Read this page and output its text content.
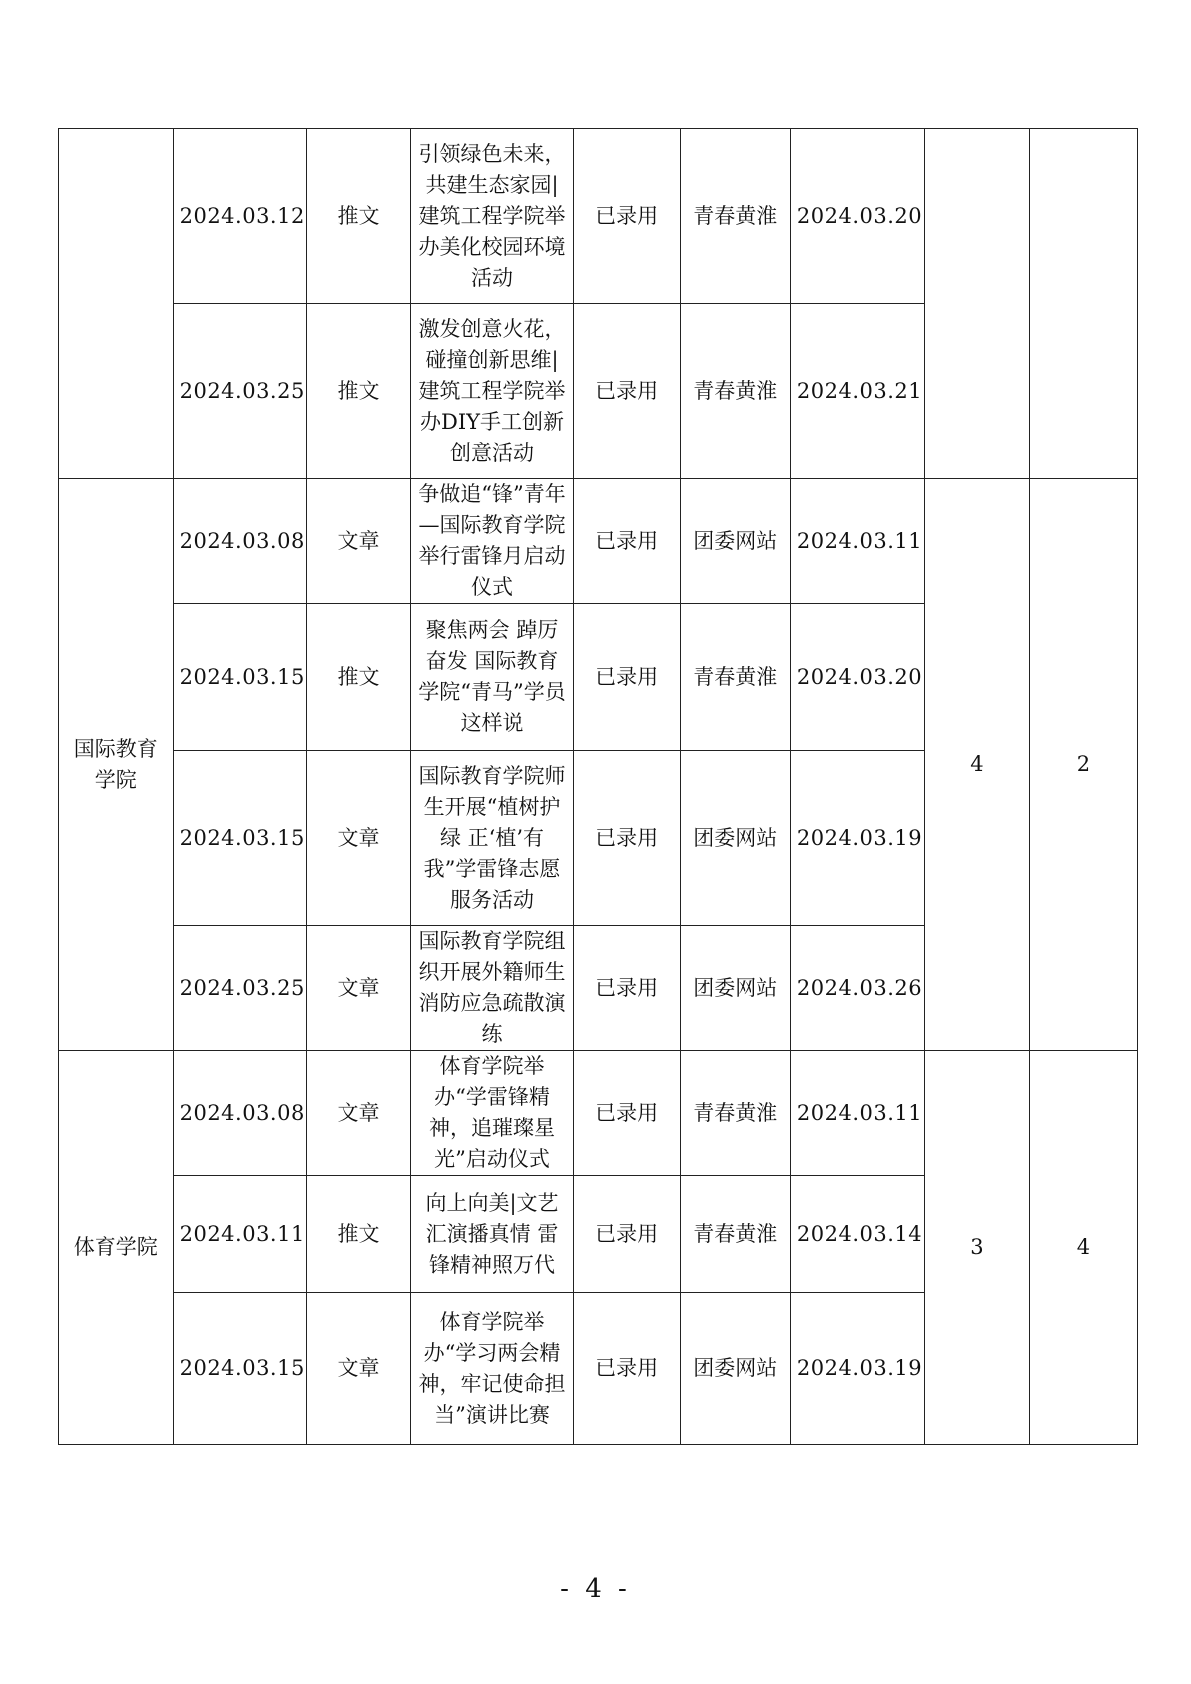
	2024.03.12	推文	引领绿色未来，共建生态家园|建筑工程学院举办美化校园环境活动	已录用	青春黄淮	2024.03.20		
	2024.03.25	推文	激发创意火花，碰撞创新思维|建筑工程学院举办DIY手工创新创意活动	已录用	青春黄淮	2024.03.21		
国际教育学院	2024.03.08	文章	争做追“锋”青年—国际教育学院举行雷锋月启动仪式	已录用	团委网站	2024.03.11	4	2
	2024.03.15	推文	聚焦两会 踔厉奋发 国际教育学院“青马”学员这样说	已录用	青春黄淮	2024.03.20		
	2024.03.15	文章	国际教育学院师生开展“植树护绿 正‘植’有我”学雷锋志愿服务活动	已录用	团委网站	2024.03.19		
	2024.03.25	文章	国际教育学院组织开展外籍师生消防应急疏散演练	已录用	团委网站	2024.03.26		
体育学院	2024.03.08	文章	体育学院举办“学雷锋精神，追璀璨星光”启动仪式	已录用	青春黄淮	2024.03.11	3	4
	2024.03.11	推文	向上向美|文艺汇演播真情 雷锋精神照万代	已录用	青春黄淮	2024.03.14		
	2024.03.15	文章	体育学院举办“学习两会精神，牢记使命担当”演讲比赛	已录用	团委网站	2024.03.19		
- 4 -
